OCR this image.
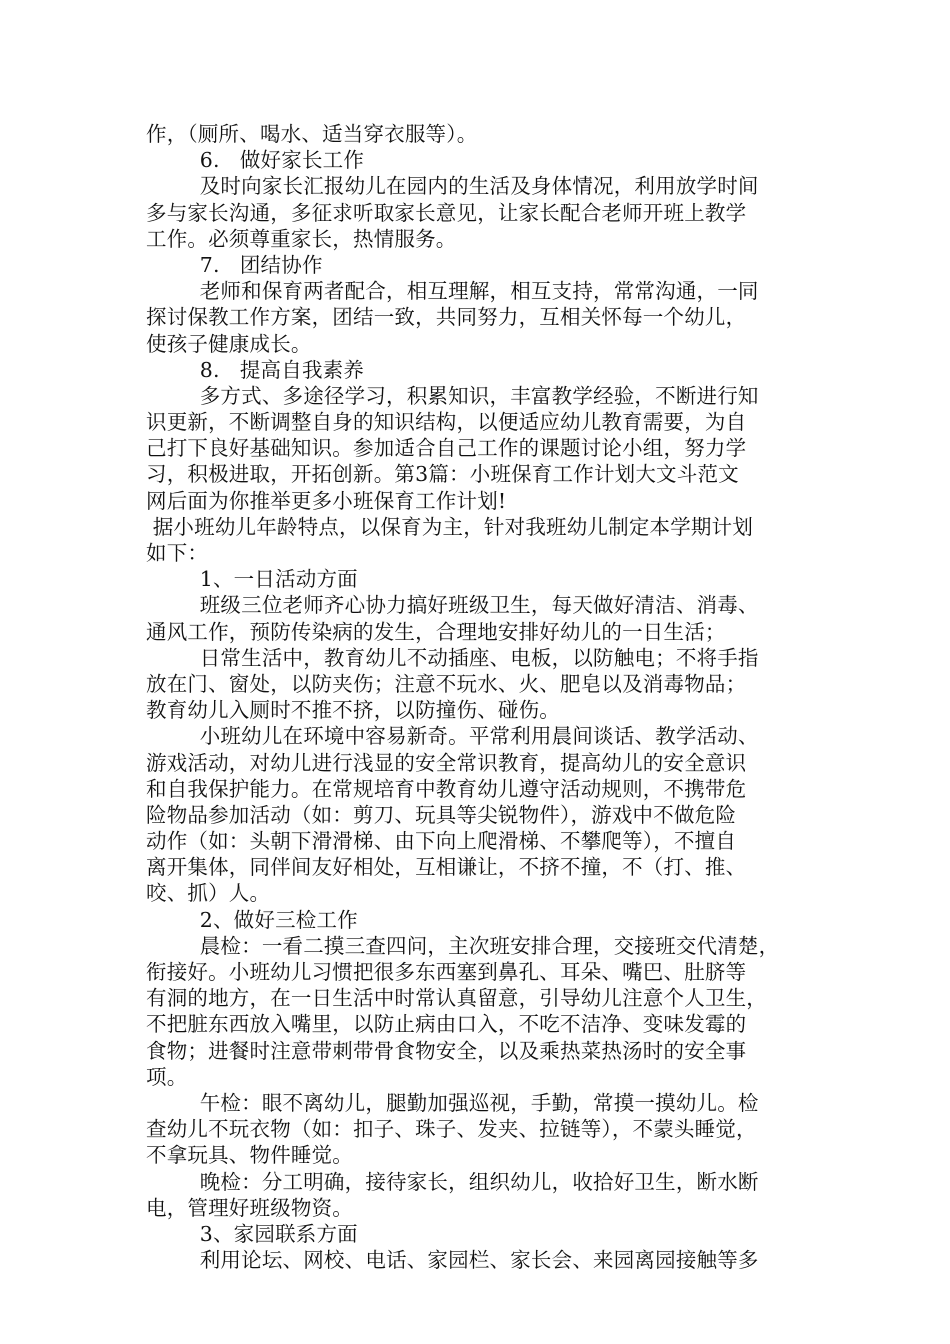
作，（厕所、喝水、适当穿衣服等）。
6.   做好家长工作
及时向家长汇报幼儿在园内的生活及身体情况，利用放学时间
多与家长沟通，多征求听取家长意见，让家长配合老师开班上教学
工作。必须尊重家长，热情服务。
7.   团结协作
老师和保育两者配合，相互理解，相互支持，常常沟通，一同
探讨保教工作方案，团结一致，共同努力，互相关怀每一个幼儿，
使孩子健康成长。
8.   提高自我素养
多方式、多途径学习，积累知识，丰富教学经验，不断进行知
识更新，不断调整自身的知识结构，以便适应幼儿教育需要，为自
己打下良好基础知识。参加适合自己工作的课题讨论小组，努力学
习，积极进取，开拓创新。第3篇：小班保育工作计划大文斗范文
网后面为你推举更多小班保育工作计划!
据小班幼儿年龄特点，以保育为主，针对我班幼儿制定本学期计划
如下：
1、一日活动方面
班级三位老师齐心协力搞好班级卫生，每天做好清洁、消毒、
通风工作，预防传染病的发生，合理地安排好幼儿的一日生活；
日常生活中，教育幼儿不动插座、电板，以防触电；不将手指
放在门、窗处，以防夹伤；注意不玩水、火、肥皂以及消毒物品；
教育幼儿入厕时不推不挤，以防撞伤、碰伤。
小班幼儿在环境中容易新奇。平常利用晨间谈话、教学活动、
游戏活动，对幼儿进行浅显的安全常识教育，提高幼儿的安全意识
和自我保护能力。在常规培育中教育幼儿遵守活动规则，不携带危
险物品参加活动（如：剪刀、玩具等尖锐物件），游戏中不做危险
动作（如：头朝下滑滑梯、由下向上爬滑梯、不攀爬等），不擅自
离开集体，同伴间友好相处，互相谦让，不挤不撞，不（打、推、
咬、抓）人。
2、做好三检工作
晨检：一看二摸三查四问，主次班安排合理，交接班交代清楚，
衔接好。小班幼儿习惯把很多东西塞到鼻孔、耳朵、嘴巴、肚脐等
有洞的地方，在一日生活中时常认真留意，引导幼儿注意个人卫生，
不把脏东西放入嘴里，以防止病由口入，不吃不洁净、变味发霉的
食物；进餐时注意带刺带骨食物安全，以及乘热菜热汤时的安全事
项。
午检：眼不离幼儿，腿勤加强巡视，手勤，常摸一摸幼儿。检
查幼儿不玩衣物（如：扣子、珠子、发夹、拉链等），不蒙头睡觉，
不拿玩具、物件睡觉。
晚检：分工明确，接待家长，组织幼儿，收拾好卫生，断水断
电，管理好班级物资。
3、家园联系方面
利用论坛、网校、电话、家园栏、家长会、来园离园接触等多
